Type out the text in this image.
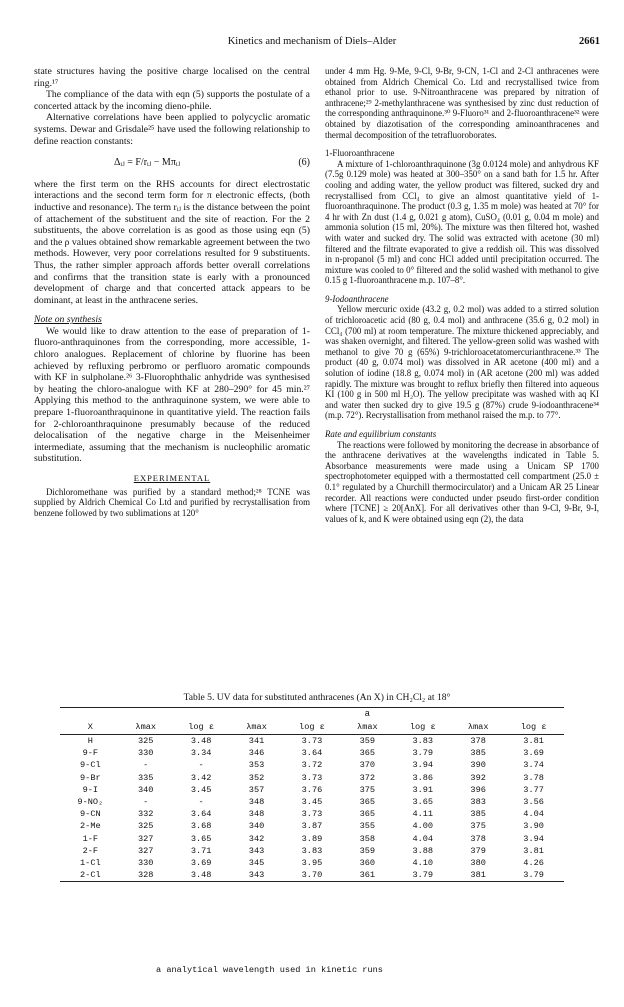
Kinetics and mechanism of Diels–Alder	2661

state structures having the positive charge localised on the central ring.¹⁷

The compliance of the data with eqn (5) supports the postulate of a concerted attack by the incoming dieno-phile.

Alternative correlations have been applied to polycyclic aromatic systems. Dewar and Grisdale²⁵ have used the following relationship to define reaction constants:

Δᵢⱼ = F/rᵢⱼ − Mπᵢⱼ	(6)

where the first term on the RHS accounts for direct electrostatic interactions and the second term form for π electronic effects, (both inductive and resonance). The term rᵢⱼ is the distance between the point of attachement of the substituent and the site of reaction. For the 2 substituents, the above correlation is as good as those using eqn (5) and the ρ values obtained show remarkable agreement between the two methods. However, very poor correlations resulted for 9 substituents. Thus, the rather simpler approach affords better overall correlations and confirms that the transition state is early with a pronounced development of charge and that concerted attack appears to be dominant, at least in the anthracene series.

Note on synthesis

We would like to draw attention to the ease of preparation of 1-fluoro-anthraquinones from the corresponding, more accessible, 1-chloro analogues. Replacement of chlorine by fluorine has been achieved by refluxing perbromo or perfluoro aromatic compounds with KF in sulpholane.²⁶ 3-Fluorophthalic anhydride was synthesised by heating the chloro-analogue with KF at 280–290° for 45 min.²⁷ Applying this method to the anthraquinone system, we were able to prepare 1-fluoroanthraquinone in quantitative yield. The reaction fails for 2-chloroanthraquinone presumably because of the reduced delocalisation of the negative charge in the Meisenheimer intermediate, assuming that the mechanism is nucleophilic aromatic substitution.

EXPERIMENTAL

Dichloromethane was purified by a standard method;²⁸ TCNE was supplied by Aldrich Chemical Co Ltd and purified by recrystallisation from benzene followed by two sublimations at 120°

under 4 mm Hg. 9-Me, 9-Cl, 9-Br, 9-CN, 1-Cl and 2-Cl anthracenes were obtained from Aldrich Chemical Co. Ltd and recrystallised twice from ethanol prior to use. 9-Nitroanthracene was prepared by nitration of anthracene;²⁹ 2-methylanthracene was synthesised by zinc dust reduction of the corresponding anthraquinone.³⁰ 9-Fluoro³¹ and 2-fluoroanthracene³² were obtained by diazotisation of the corresponding aminoanthracenes and thermal decomposition of the tetrafluoroborates.

1-Fluoroanthracene

A mixture of 1-chloroanthraquinone (3g 0.0124 mole) and anhydrous KF (7.5g 0.129 mole) was heated at 300–350° on a sand bath for 1.5 hr. After cooling and adding water, the yellow product was filtered, sucked dry and recrystallised from CCl₄ to give an almost quantitative yield of 1-fluoroanthraquinone. The product (0.3 g, 1.35 m mole) was heated at 70° for 4 hr with Zn dust (1.4 g, 0.021 g atom), CuSO₄ (0.01 g, 0.04 m mole) and ammonia solution (15 ml, 20%). The mixture was then filtered hot, washed with water and sucked dry. The solid was extracted with acetone (30 ml) filtered and the filtrate evaporated to give a reddish oil. This was dissolved in n-propanol (5 ml) and conc HCl added until precipitation occurred. The mixture was cooled to 0° filtered and the solid washed with methanol to give 0.15 g 1-fluoroanthracene m.p. 107–8°.

9-Iodoanthracene

Yellow mercuric oxide (43.2 g, 0.2 mol) was added to a stirred solution of trichloroacetic acid (80 g, 0.4 mol) and anthracene (35.6 g, 0.2 mol) in CCl₄ (700 ml) at room temperature. The mixture thickened appreciably, and was shaken overnight, and filtered. The yellow-green solid was washed with methanol to give 70 g (65%) 9-trichloroacetatomercurianthracene.³³ The product (40 g, 0.074 mol) was dissolved in AR acetone (400 ml) and a solution of iodine (18.8 g, 0.074 mol) in (AR acetone (200 ml) was added rapidly. The mixture was brought to reflux briefly then filtered into aqueous KI (100 g in 500 ml H₂O). The yellow precipitate was washed with aq KI and water then sucked dry to give 19.5 g (87%) crude 9-iodoanthracene³⁴ (m.p. 72°). Recrystallisation from methanol raised the m.p. to 77°.

Rate and equilibrium constants

The reactions were followed by monitoring the decrease in absorbance of the anthracene derivatives at the wavelengths indicated in Table 5. Absorbance measurements were made using a Unicam SP 1700 spectrophotometer equipped with a thermostatted cell compartment (25.0 ± 0.1° regulated by a Churchill thermocirculator) and a Unicam AR 25 Linear recorder. All reactions were conducted under pseudo first-order condition where [TCNE] ≥ 20[AnX]. For all derivatives other than 9-Cl, 9-Br, 9-I, values of k, and K were obtained using eqn (2), the data

Table 5. UV data for substituted anthracenes (An X) in CH₂Cl₂ at 18°
					a			
X	λmax	log ε	λmax	log ε	λmax	log ε	λmax	log ε
H	325	3.48	341	3.73	359	3.83	378	3.81
9-F	330	3.34	346	3.64	365	3.79	385	3.69
9-Cl	-	-	353	3.72	370	3.94	390	3.74
9-Br	335	3.42	352	3.73	372	3.86	392	3.78
9-I	340	3.45	357	3.76	375	3.91	396	3.77
9-NO₂	-	-	348	3.45	365	3.65	383	3.56
9-CN	332	3.64	348	3.73	365	4.11	385	4.04
2-Me	325	3.68	340	3.87	355	4.00	375	3.90
1-F	327	3.65	342	3.89	358	4.04	378	3.94
2-F	327	3.71	343	3.83	359	3.88	379	3.81
1-Cl	330	3.69	345	3.95	360	4.10	380	4.26
2-Cl	328	3.48	343	3.70	361	3.79	381	3.79
a analytical wavelength used in kinetic runs
